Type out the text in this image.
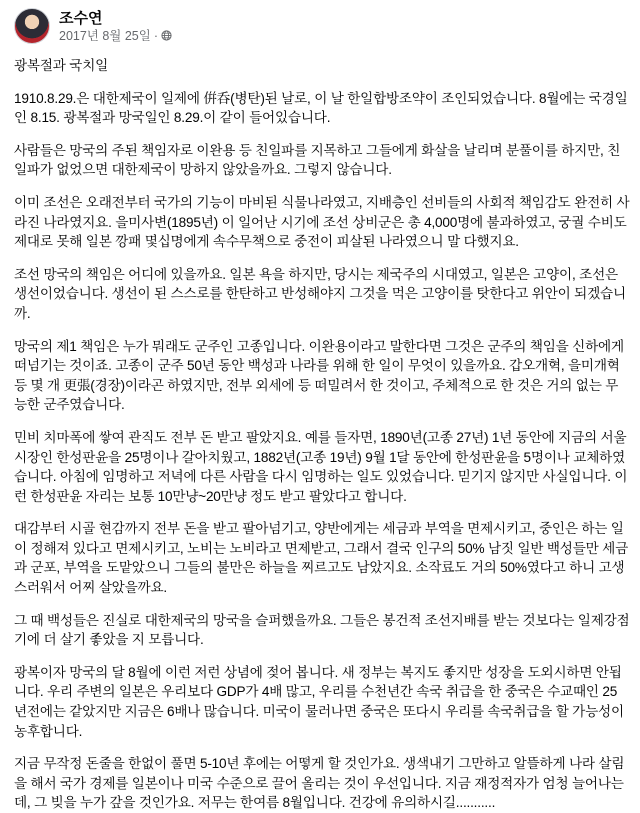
조수연
2017년 8월 25일 ·

광복절과 국치일

1910.8.29.은 대한제국이 일제에 倂呑(병탄)된 날로, 이 날 한일합방조약이 조인되었습니다. 8월에는 국경일인 8.15. 광복절과 망국일인 8.29.이 같이 들어있습니다.

사람들은 망국의 주된 책임자로 이완용 등 친일파를 지목하고 그들에게 화살을 날리며 분풀이를 하지만, 친일파가 없었으면 대한제국이 망하지 않았을까요. 그렇지 않습니다.

이미 조선은 오래전부터 국가의 기능이 마비된 식물나라였고, 지배층인 선비들의 사회적 책임감도 완전히 사라진 나라였지요. 을미사변(1895년) 이 일어난 시기에 조선 상비군은 총 4,000명에 불과하였고, 궁궐 수비도 제대로 못해 일본 깡패 몇십명에게 속수무책으로 중전이 피살된 나라였으니 말 다했지요.

조선 망국의 책임은 어디에 있을까요. 일본 욕을 하지만, 당시는 제국주의 시대였고, 일본은 고양이, 조선은 생선이었습니다. 생선이 된 스스로를 한탄하고 반성해야지 그것을 먹은 고양이를 탓한다고 위안이 되겠습니까.

망국의 제1 책임은 누가 뭐래도 군주인 고종입니다. 이완용이라고 말한다면 그것은 군주의 책임을 신하에게 떠넘기는 것이죠. 고종이 군주 50년 동안 백성과 나라를 위해 한 일이 무엇이 있을까요. 갑오개혁, 을미개혁 등 몇 개 更張(경장)이라곤 하였지만, 전부 외세에 등 떠밀려서 한 것이고, 주체적으로 한 것은 거의 없는 무능한 군주였습니다.

민비 치마폭에 쌓여 관직도 전부 돈 받고 팔았지요. 예를 들자면, 1890년(고종 27년) 1년 동안에 지금의 서울시장인 한성판윤을 25명이나 갈아치웠고, 1882년(고종 19년) 9월 1달 동안에 한성판윤을 5명이나 교체하였습니다. 아침에 임명하고 저녁에 다른 사람을 다시 임명하는 일도 있었습니다. 믿기지 않지만 사실입니다. 이런 한성판윤 자리는 보통 10만냥~20만냥 정도 받고 팔았다고 합니다.

대감부터 시골 현감까지 전부 돈을 받고 팔아넘기고, 양반에게는 세금과 부역을 면제시키고, 중인은 하는 일이 정해져 있다고 면제시키고, 노비는 노비라고 면제받고, 그래서 결국 인구의 50% 남짓 일반 백성들만 세금과 군포, 부역을 도맡았으니 그들의 불만은 하늘을 찌르고도 남았지요. 소작료도 거의 50%였다고 하니 고생스러워서 어찌 살았을까요.

그 때 백성들은 진실로 대한제국의 망국을 슬퍼했을까요. 그들은 봉건적 조선지배를 받는 것보다는 일제강점기에 더 살기 좋았을 지 모릅니다.

광복이자 망국의 달 8월에 이런 저런 상념에 젖어 봅니다. 새 정부는 복지도 좋지만 성장을 도외시하면 안됩니다. 우리 주변의 일본은 우리보다 GDP가 4배 많고, 우리를 수천년간 속국 취급을 한 중국은 수교때인 25년전에는 같았지만 지금은 6배나 많습니다. 미국이 물러나면 중국은 또다시 우리를 속국취급을 할 가능성이 농후합니다.

지금 무작정 돈줄을 한없이 풀면 5-10년 후에는 어떻게 할 것인가요. 생색내기 그만하고 알뜰하게 나라 살림을 해서 국가 경제를 일본이나 미국 수준으로 끌어 올리는 것이 우선입니다. 지금 재정적자가 엄청 늘어나는데, 그 빚을 누가 갚을 것인가요. 저무는 한여름 8월입니다. 건강에 유의하시길...........
